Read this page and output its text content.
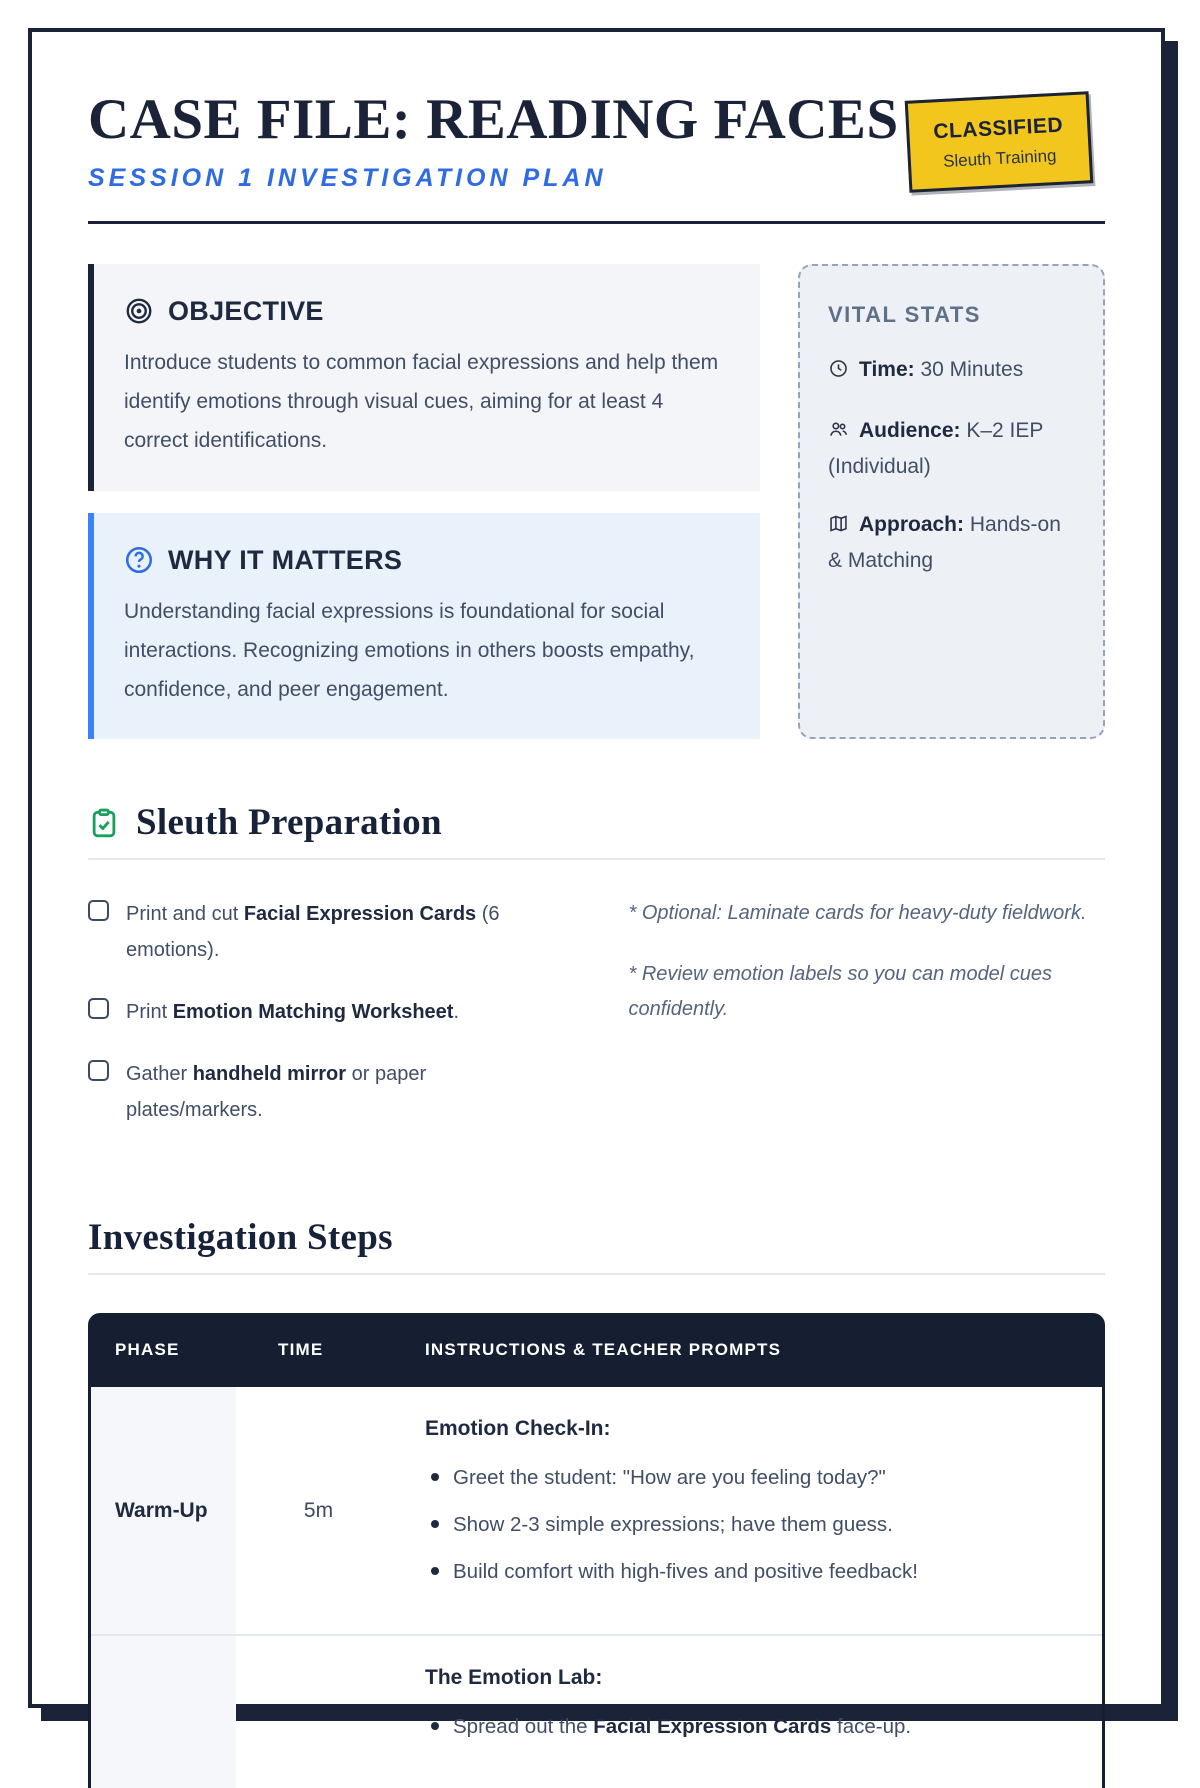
CASE FILE: READING FACES
SESSION 1 INVESTIGATION PLAN
CLASSIFIED
Sleuth Training
OBJECTIVE
Introduce students to common facial expressions and help them identify emotions through visual cues, aiming for at least 4 correct identifications.
WHY IT MATTERS
Understanding facial expressions is foundational for social interactions. Recognizing emotions in others boosts empathy, confidence, and peer engagement.
VITAL STATS
Time: 30 Minutes
Audience: K–2 IEP (Individual)
Approach: Hands-on & Matching
Sleuth Preparation
Print and cut Facial Expression Cards (6 emotions).
Print Emotion Matching Worksheet.
Gather handheld mirror or paper plates/markers.
* Optional: Laminate cards for heavy-duty fieldwork.
* Review emotion labels so you can model cues confidently.
Investigation Steps
PHASE	TIME	INSTRUCTIONS & TEACHER PROMPTS
Warm-Up	5m
Emotion Check-In:
Greet the student: "How are you feeling today?"
Show 2-3 simple expressions; have them guess.
Build comfort with high-fives and positive feedback!
The Emotion Lab:
Spread out the Facial Expression Cards face-up.
